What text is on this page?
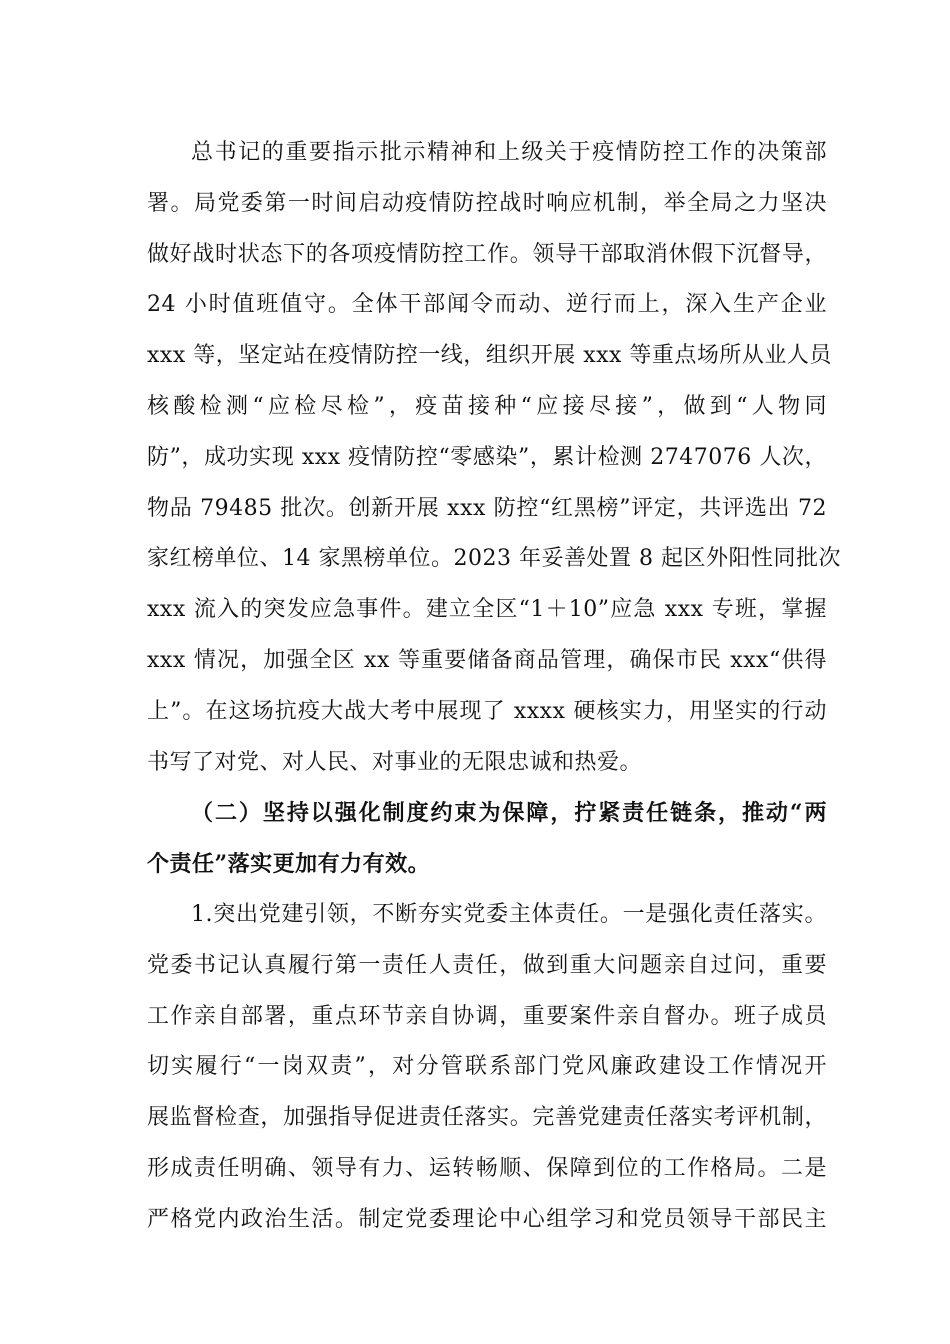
总书记的重要指示批示精神和上级关于疫情防控工作的决策部
署。局党委第一时间启动疫情防控战时响应机制，举全局之力坚决
做好战时状态下的各项疫情防控工作。领导干部取消休假下沉督导，
24 小时值班值守。全体干部闻令而动、逆行而上，深入生产企业
xxx 等，坚定站在疫情防控一线，组织开展 xxx 等重点场所从业人员
核酸检测“应检尽检”，疫苗接种“应接尽接”，做到“人物同
防”，成功实现 xxx 疫情防控“零感染”，累计检测 2747076 人次，
物品 79485 批次。创新开展 xxx 防控“红黑榜”评定，共评选出 72
家红榜单位、14 家黑榜单位。2023 年妥善处置 8 起区外阳性同批次
xxx 流入的突发应急事件。建立全区“1＋10”应急 xxx 专班，掌握
xxx 情况，加强全区 xx 等重要储备商品管理，确保市民 xxx“供得
上”。在这场抗疫大战大考中展现了 xxxx 硬核实力，用坚实的行动
书写了对党、对人民、对事业的无限忠诚和热爱。
（二）坚持以强化制度约束为保障，拧紧责任链条，推动“两
个责任”落实更加有力有效。
1.突出党建引领，不断夯实党委主体责任。一是强化责任落实。
党委书记认真履行第一责任人责任，做到重大问题亲自过问，重要
工作亲自部署，重点环节亲自协调，重要案件亲自督办。班子成员
切实履行“一岗双责”，对分管联系部门党风廉政建设工作情况开
展监督检查，加强指导促进责任落实。完善党建责任落实考评机制，
形成责任明确、领导有力、运转畅顺、保障到位的工作格局。二是
严格党内政治生活。制定党委理论中心组学习和党员领导干部民主
